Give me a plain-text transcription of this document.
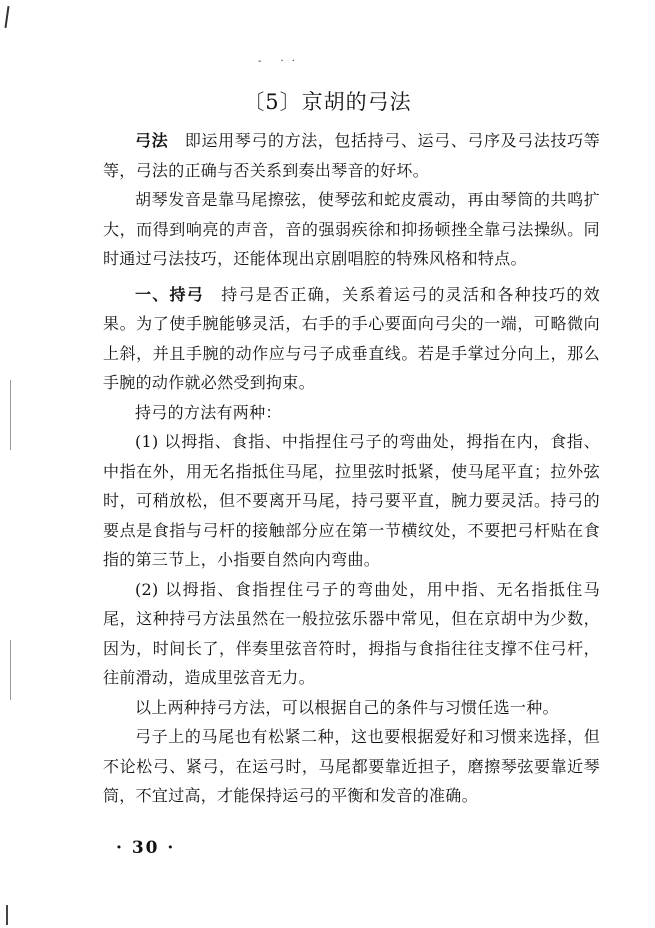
- ··
〔5〕京胡的弓法

弓法　即运用琴弓的方法，包括持弓、运弓、弓序及弓法技巧等等，弓法的正确与否关系到奏出琴音的好坏。

胡琴发音是靠马尾擦弦，使琴弦和蛇皮震动，再由琴筒的共鸣扩大，而得到响亮的声音，音的强弱疾徐和抑扬顿挫全靠弓法操纵。同时通过弓法技巧，还能体现出京剧唱腔的特殊风格和特点。

一、持弓　持弓是否正确，关系着运弓的灵活和各种技巧的效果。为了使手腕能够灵活，右手的手心要面向弓尖的一端，可略微向上斜，并且手腕的动作应与弓子成垂直线。若是手掌过分向上，那么手腕的动作就必然受到拘束。

持弓的方法有两种：

(1) 以拇指、食指、中指捏住弓子的弯曲处，拇指在内，食指、中指在外，用无名指抵住马尾，拉里弦时抵紧，使马尾平直；拉外弦时，可稍放松，但不要离开马尾，持弓要平直，腕力要灵活。持弓的要点是食指与弓杆的接触部分应在第一节横纹处，不要把弓杆贴在食指的第三节上，小指要自然向内弯曲。

(2) 以拇指、食指捏住弓子的弯曲处，用中指、无名指抵住马尾，这种持弓方法虽然在一般拉弦乐器中常见，但在京胡中为少数，因为，时间长了，伴奏里弦音符时，拇指与食指往往支撑不住弓杆，往前滑动，造成里弦音无力。

以上两种持弓方法，可以根据自己的条件与习惯任选一种。

弓子上的马尾也有松紧二种，这也要根据爱好和习惯来选择，但不论松弓、紧弓，在运弓时，马尾都要靠近担子，磨擦琴弦要靠近琴筒，不宜过高，才能保持运弓的平衡和发音的准确。

· 30 ·
